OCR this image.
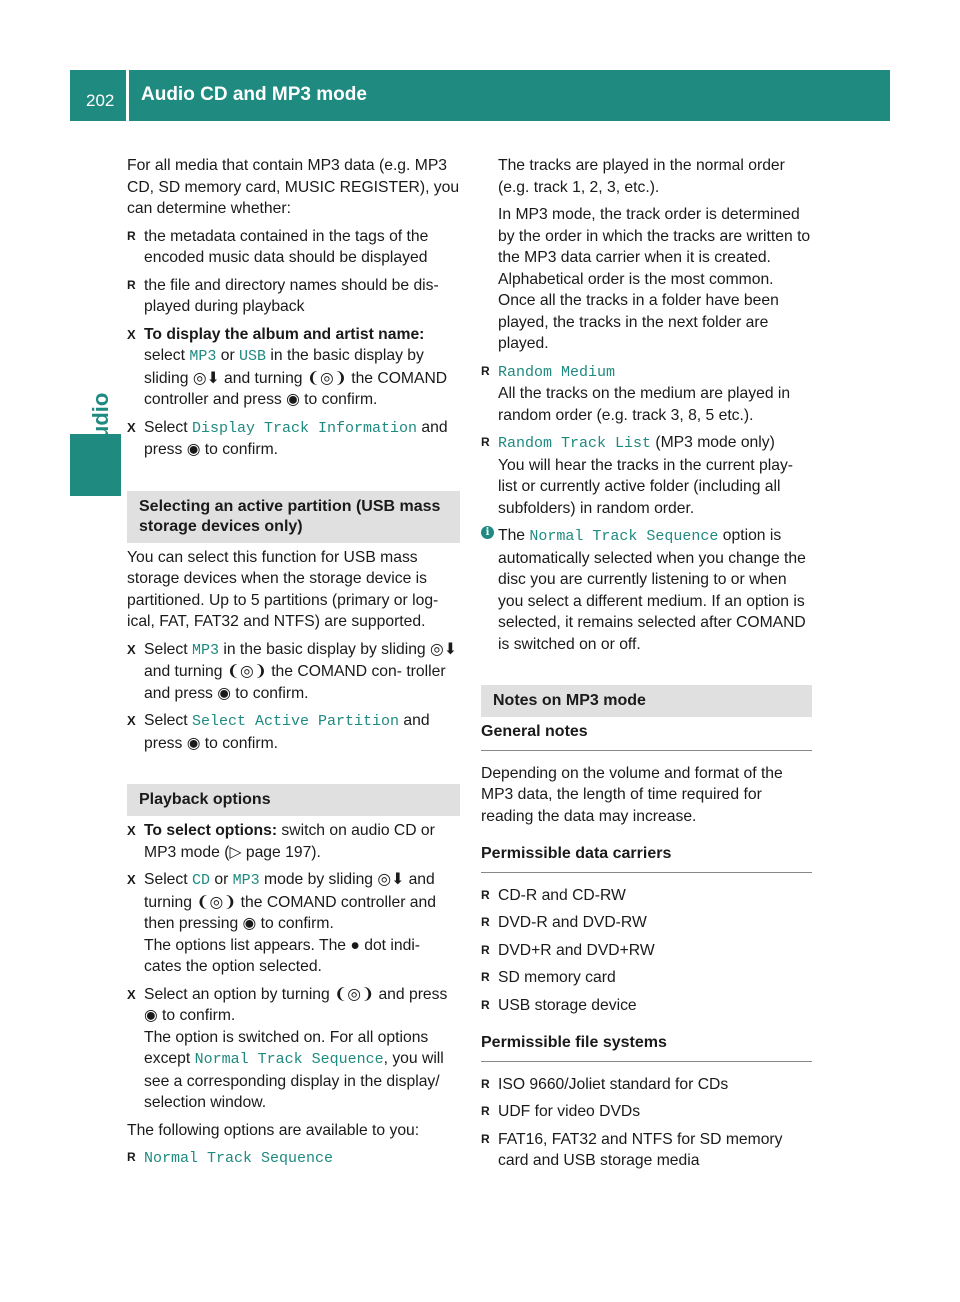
202 Audio CD and MP3 mode
Audio

For all media that contain MP3 data (e.g. MP3 CD, SD memory card, MUSIC REGISTER), you can determine whether:

R the metadata contained in the tags of the encoded music data should be displayed
R the file and directory names should be dis- played during playback
X To display the album and artist name:
select MP3 or USB in the basic display by sliding ◎⬇ and turning ❨◎❩ the COMAND controller and press ◉ to confirm.
X Select Display Track Information and press ◉ to confirm.
Selecting an active partition (USB mass storage devices only)

You can select this function for USB mass storage devices when the storage device is partitioned. Up to 5 partitions (primary or log- ical, FAT, FAT32 and NTFS) are supported.

X Select MP3 in the basic display by sliding ◎⬇ and turning ❨◎❩ the COMAND con- troller and press ◉ to confirm.
X Select Select Active Partition and press ◉ to confirm.
Playback options
X To select options: switch on audio CD or MP3 mode (▷ page 197).
X Select CD or MP3 mode by sliding ◎⬇ and turning ❨◎❩ the COMAND controller and then pressing ◉ to confirm.
The options list appears. The ● dot indi- cates the option selected.
X Select an option by turning ❨◎❩ and press ◉ to confirm.
The option is switched on. For all options except Normal Track Sequence, you will see a corresponding display in the display/ selection window.

The following options are available to you:

R Normal Track Sequence
The tracks are played in the normal order (e.g. track 1, 2, 3, etc.).
In MP3 mode, the track order is determined by the order in which the tracks are written to the MP3 data carrier when it is created. Alphabetical order is the most common. Once all the tracks in a folder have been played, the tracks in the next folder are played.
R Random Medium
All the tracks on the medium are played in random order (e.g. track 3, 8, 5 etc.).
R Random Track List (MP3 mode only)
You will hear the tracks in the current play- list or currently active folder (including all subfolders) in random order.
i The Normal Track Sequence option is automatically selected when you change the disc you are currently listening to or when you select a different medium. If an option is selected, it remains selected after COMAND is switched on or off.
Notes on MP3 mode
General notes

Depending on the volume and format of the MP3 data, the length of time required for reading the data may increase.

Permissible data carriers
R CD-R and CD-RW
R DVD-R and DVD-RW
R DVD+R and DVD+RW
R SD memory card
R USB storage device
Permissible file systems
R ISO 9660/Joliet standard for CDs
R UDF for video DVDs
R FAT16, FAT32 and NTFS for SD memory card and USB storage media
